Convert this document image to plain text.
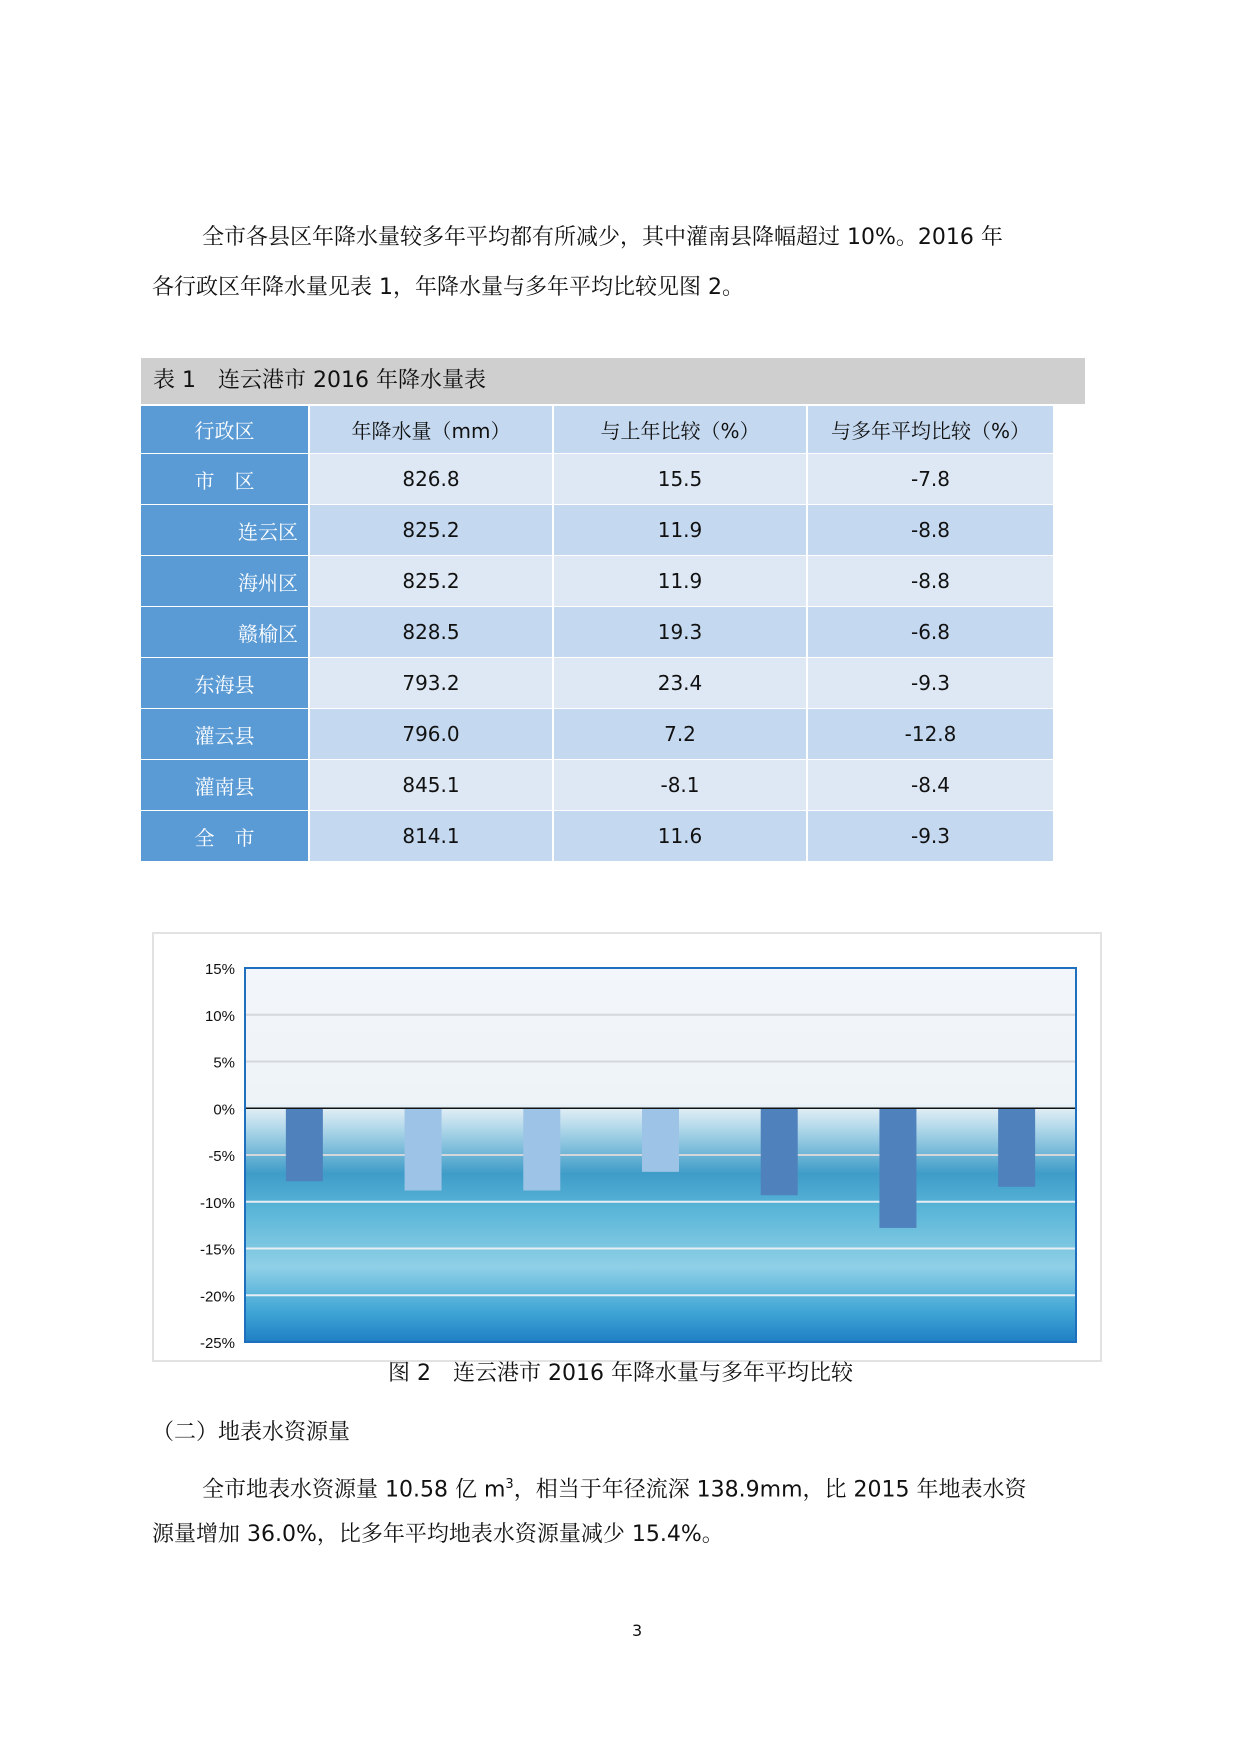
全市各县区年降水量较多年平均都有所减少，其中灌南县降幅超过 10%。2016 年
各行政区年降水量见表 1，年降水量与多年平均比较见图 2。
表 1　连云港市 2016 年降水量表
行政区	年降水量（mm）	与上年比较（%）	与多年平均比较（%）
市　区	826.8	15.5	-7.8
连云区	825.2	11.9	-8.8
海州区	825.2	11.9	-8.8
赣榆区	828.5	19.3	-6.8
东海县	793.2	23.4	-9.3
灌云县	796.0	7.2	-12.8
灌南县	845.1	-8.1	-8.4
全　市	814.1	11.6	-9.3
15%
10%
5%
0%
-5%
-10%
-15%
-20%
-25%
图 2　连云港市 2016 年降水量与多年平均比较
（二）地表水资源量
全市地表水资源量 10.58 亿 $m^3$，相当于年径流深 138.9mm，比 2015 年地表水资
源量增加 36.0%，比多年平均地表水资源量减少 15.4%。
3
